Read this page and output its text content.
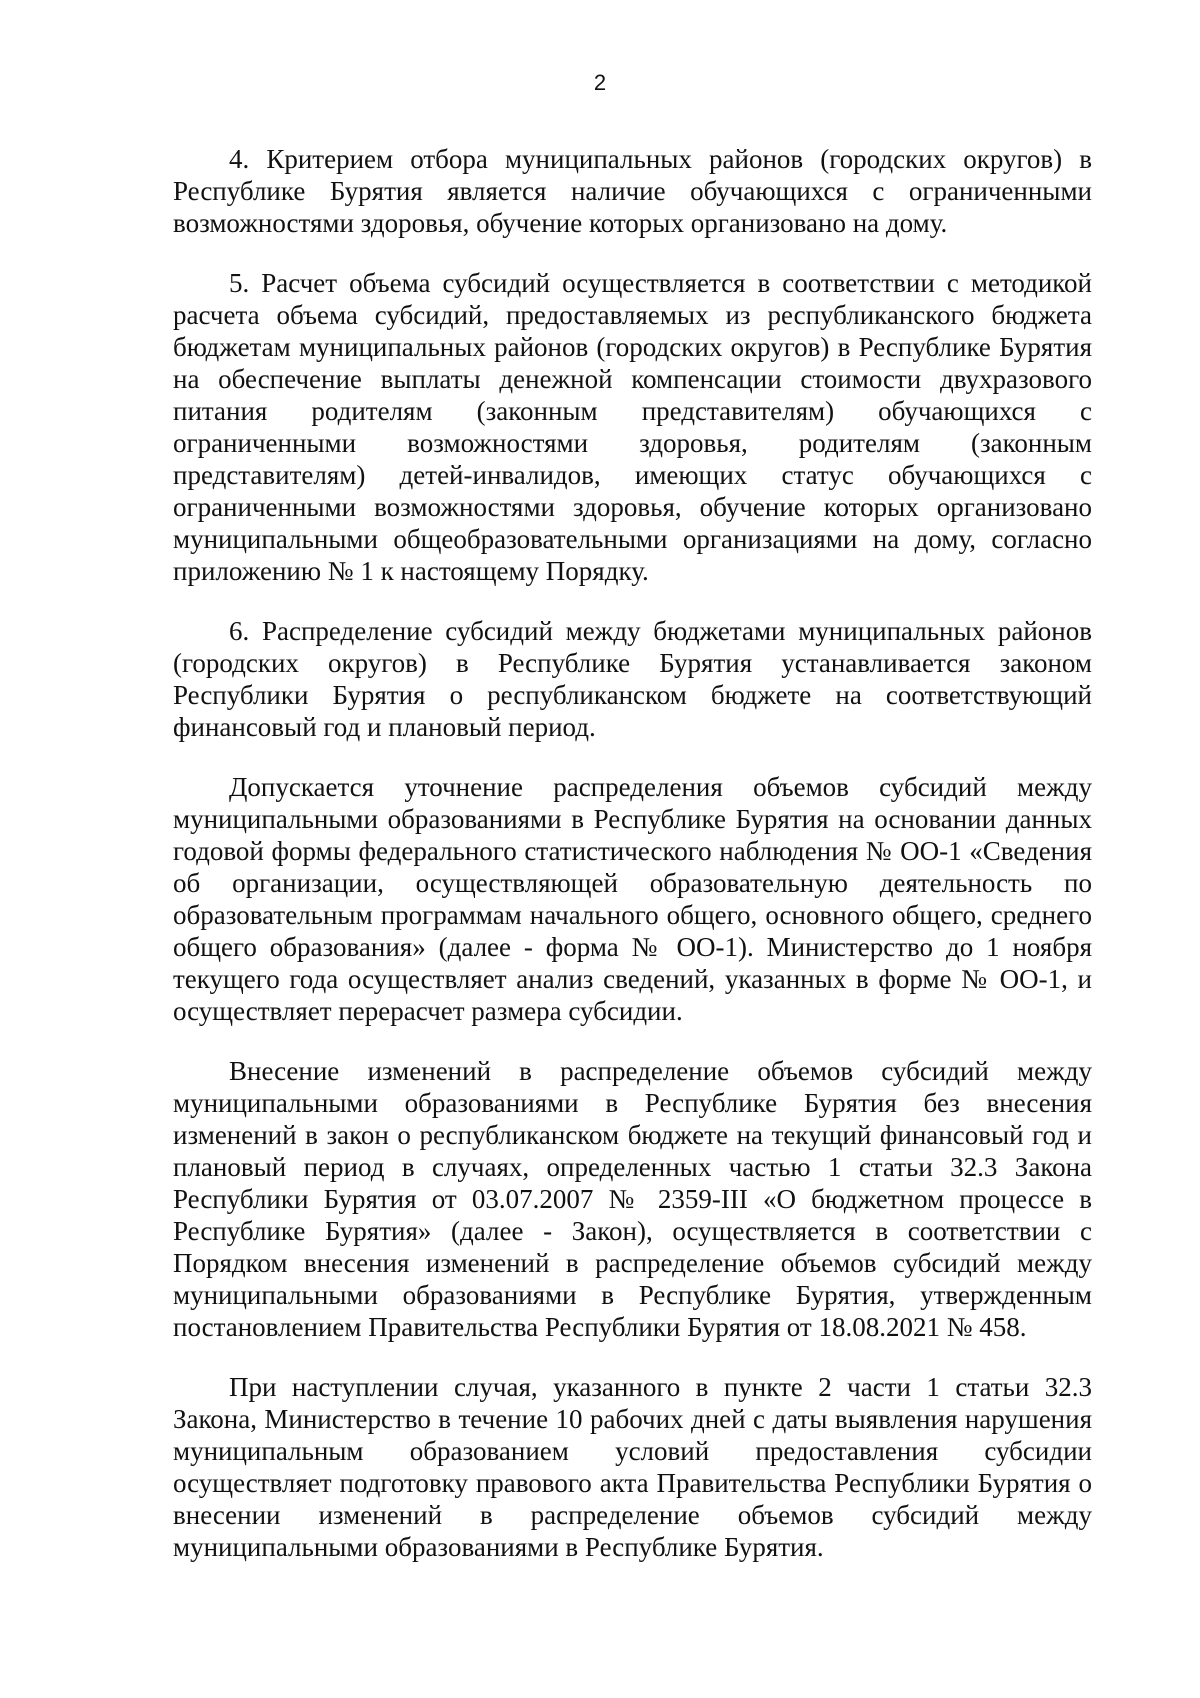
2

4. Критерием отбора муниципальных районов (городских округов) в Республике Бурятия является наличие обучающихся с ограниченными возможностями здоровья, обучение которых организовано на дому.

5. Расчет объема субсидий осуществляется в соответствии с методикой расчета объема субсидий, предоставляемых из республиканского бюджета бюджетам муниципальных районов (городских округов) в Республике Бурятия на обеспечение выплаты денежной компенсации стоимости двухразового питания родителям (законным представителям) обучающихся с ограниченными возможностями здоровья, родителям (законным представителям) детей-инвалидов, имеющих статус обучающихся с ограниченными возможностями здоровья, обучение которых организовано муниципальными общеобразовательными организациями на дому, согласно приложению № 1 к настоящему Порядку.

6. Распределение субсидий между бюджетами муниципальных районов (городских округов) в Республике Бурятия устанавливается законом Республики Бурятия о республиканском бюджете на соответствующий финансовый год и плановый период.

Допускается уточнение распределения объемов субсидий между муниципальными образованиями в Республике Бурятия на основании данных годовой формы федерального статистического наблюдения № ОО-1 «Сведения об организации, осуществляющей образовательную деятельность по образовательным программам начального общего, основного общего, среднего общего образования» (далее - форма № ОО-1). Министерство до 1 ноября текущего года осуществляет анализ сведений, указанных в форме № ОО-1, и осуществляет перерасчет размера субсидии.

Внесение изменений в распределение объемов субсидий между муниципальными образованиями в Республике Бурятия без внесения изменений в закон о республиканском бюджете на текущий финансовый год и плановый период в случаях, определенных частью 1 статьи 32.3 Закона Республики Бурятия от 03.07.2007 № 2359-III «О бюджетном процессе в Республике Бурятия» (далее - Закон), осуществляется в соответствии с Порядком внесения изменений в распределение объемов субсидий между муниципальными образованиями в Республике Бурятия, утвержденным постановлением Правительства Республики Бурятия от 18.08.2021 № 458.

При наступлении случая, указанного в пункте 2 части 1 статьи 32.3 Закона, Министерство в течение 10 рабочих дней с даты выявления нарушения муниципальным образованием условий предоставления субсидии осуществляет подготовку правового акта Правительства Республики Бурятия о внесении изменений в распределение объемов субсидий между муниципальными образованиями в Республике Бурятия.
